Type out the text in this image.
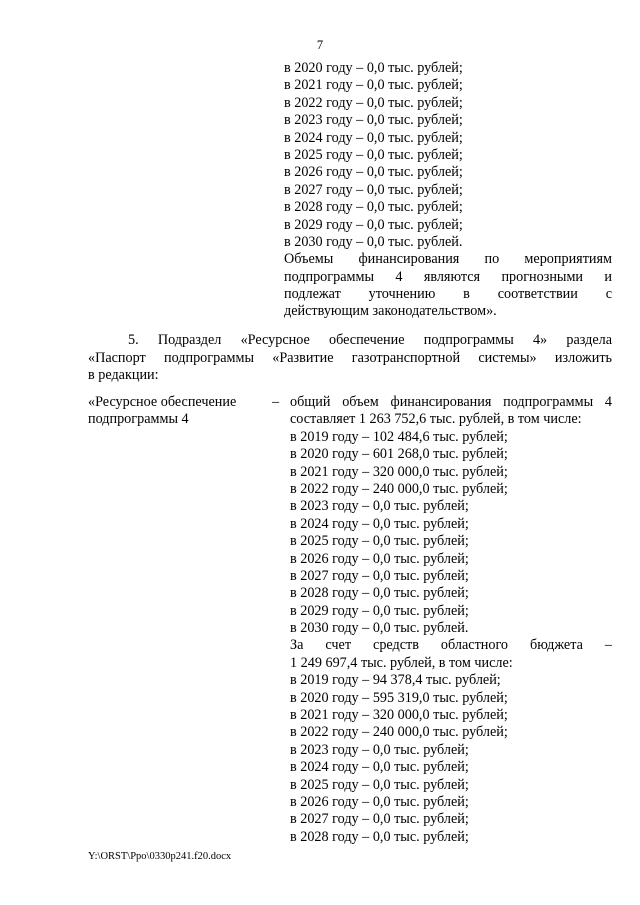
7
в 2020 году – 0,0 тыс. рублей;
в 2021 году – 0,0 тыс. рублей;
в 2022 году – 0,0 тыс. рублей;
в 2023 году – 0,0 тыс. рублей;
в 2024 году – 0,0 тыс. рублей;
в 2025 году – 0,0 тыс. рублей;
в 2026 году – 0,0 тыс. рублей;
в 2027 году – 0,0 тыс. рублей;
в 2028 году – 0,0 тыс. рублей;
в 2029 году – 0,0 тыс. рублей;
в 2030 году – 0,0 тыс. рублей.
Объемы финансирования по мероприятиям
подпрограммы 4 являются прогнозными и
подлежат уточнению в соответствии с
действующим законодательством».
5. Подраздел «Ресурсное обеспечение подпрограммы 4» раздела
«Паспорт подпрограммы «Развитие газотранспортной системы» изложить
в редакции:
«Ресурсное обеспечение
подпрограммы 4
– общий объем финансирования подпрограммы 4
составляет 1 263 752,6 тыс. рублей, в том числе:
в 2019 году – 102 484,6 тыс. рублей;
в 2020 году – 601 268,0 тыс. рублей;
в 2021 году – 320 000,0 тыс. рублей;
в 2022 году – 240 000,0 тыс. рублей;
в 2023 году – 0,0 тыс. рублей;
в 2024 году – 0,0 тыс. рублей;
в 2025 году – 0,0 тыс. рублей;
в 2026 году – 0,0 тыс. рублей;
в 2027 году – 0,0 тыс. рублей;
в 2028 году – 0,0 тыс. рублей;
в 2029 году – 0,0 тыс. рублей;
в 2030 году – 0,0 тыс. рублей.
За счет средств областного бюджета –
1 249 697,4 тыс. рублей, в том числе:
в 2019 году – 94 378,4 тыс. рублей;
в 2020 году – 595 319,0 тыс. рублей;
в 2021 году – 320 000,0 тыс. рублей;
в 2022 году – 240 000,0 тыс. рублей;
в 2023 году – 0,0 тыс. рублей;
в 2024 году – 0,0 тыс. рублей;
в 2025 году – 0,0 тыс. рублей;
в 2026 году – 0,0 тыс. рублей;
в 2027 году – 0,0 тыс. рублей;
в 2028 году – 0,0 тыс. рублей;
Y:\ORST\Ppo\0330p241.f20.docx
